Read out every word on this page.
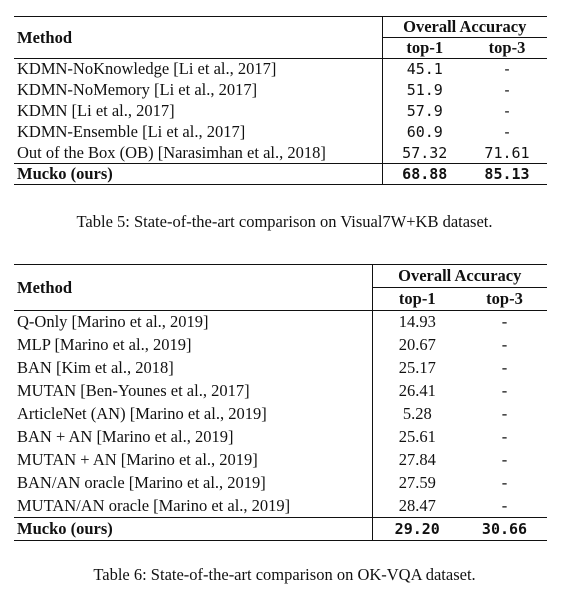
Method	Overall Accuracy	
	top-1	top-3
KDMN-NoKnowledge [Li et al., 2017]	45.1	-
KDMN-NoMemory [Li et al., 2017]	51.9	-
KDMN [Li et al., 2017]	57.9	-
KDMN-Ensemble [Li et al., 2017]	60.9	-
Out of the Box (OB) [Narasimhan et al., 2018]	57.32	71.61
Mucko (ours)	68.88	85.13
Table 5: State-of-the-art comparison on Visual7W+KB dataset.
Method	Overall Accuracy	
	top-1	top-3
Q-Only [Marino et al., 2019]	14.93	-
MLP [Marino et al., 2019]	20.67	-
BAN [Kim et al., 2018]	25.17	-
MUTAN [Ben-Younes et al., 2017]	26.41	-
ArticleNet (AN) [Marino et al., 2019]	5.28	-
BAN + AN [Marino et al., 2019]	25.61	-
MUTAN + AN [Marino et al., 2019]	27.84	-
BAN/AN oracle [Marino et al., 2019]	27.59	-
MUTAN/AN oracle [Marino et al., 2019]	28.47	-
Mucko (ours)	29.20	30.66
Table 6: State-of-the-art comparison on OK-VQA dataset.
